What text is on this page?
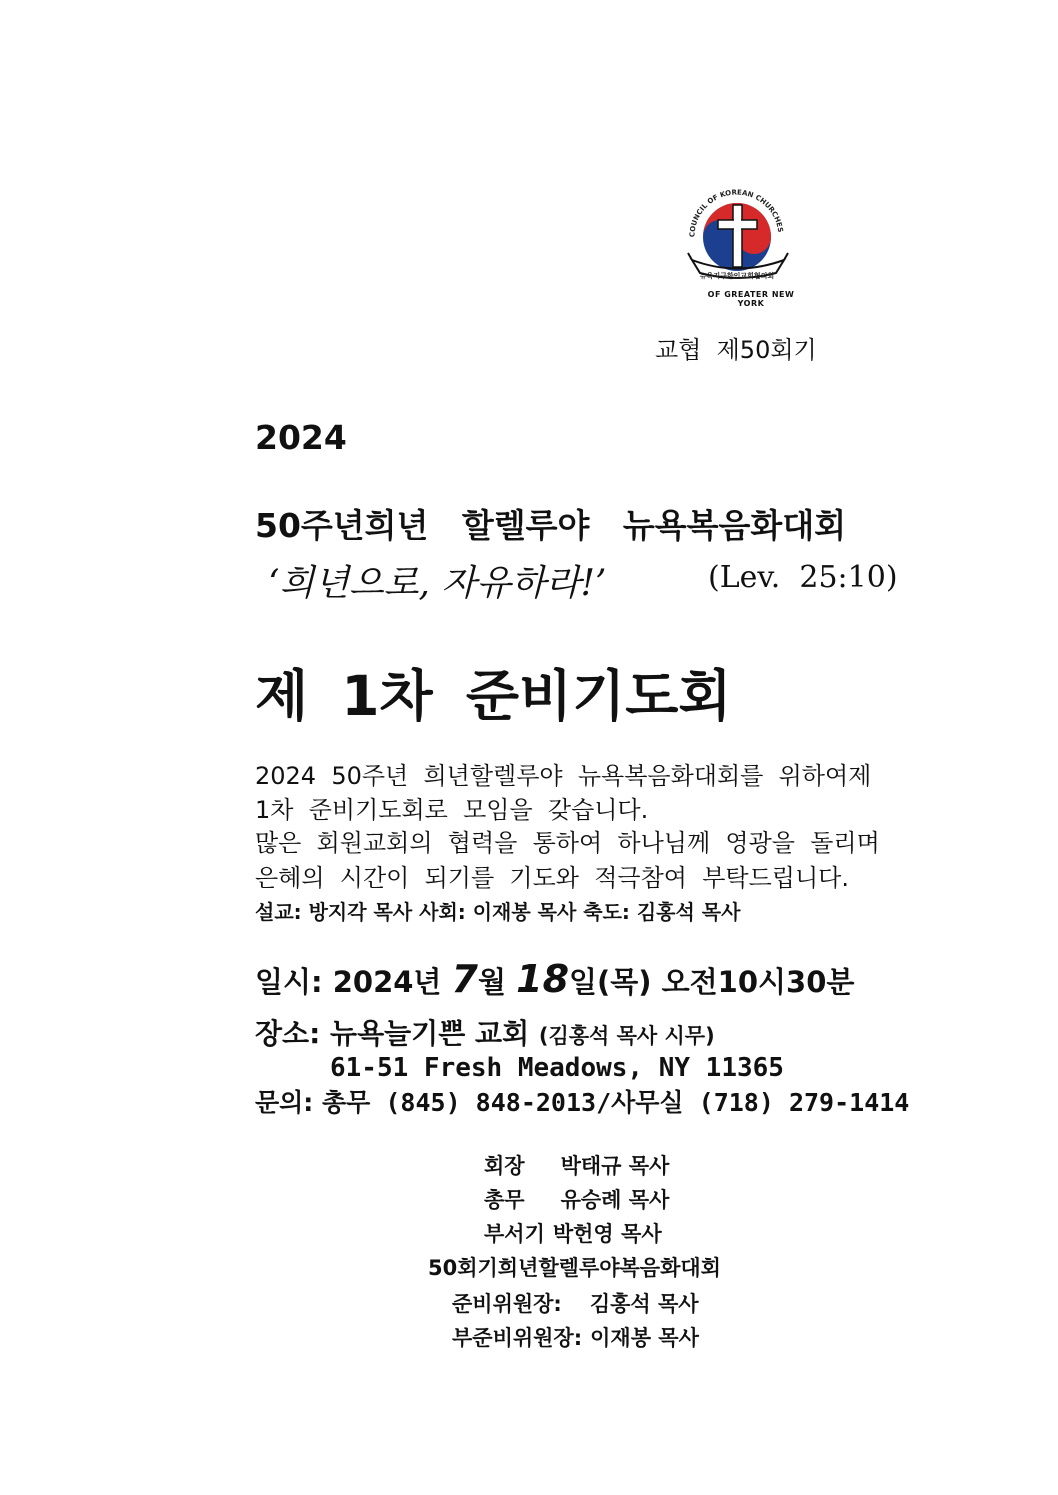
COUNCIL OF KOREAN CHURCHES
뉴욕지구한인교회협의회
OF GREATER NEW YORK
교협  제50회기
2024
50주년희년 할렐루야 뉴욕복음화대회
‘희년으로, 자유하라!’	(Lev.  25:10)
제 1차 준비기도회
2024  50주년  희년할렐루야  뉴욕복음화대회를  위하여제
1차  준비기도회로  모임을  갖습니다.
많은  회원교회의  협력을  통하여  하나님께  영광을  돌리며
은혜의  시간이  되기를  기도와  적극참여  부탁드립니다.
설교: 방지각 목사 사회: 이재봉 목사 축도: 김홍석 목사
일시: 2024년 7월 18일(목) 오전10시30분
장소: 뉴욕늘기쁜 교회 (김홍석 목사 시무)
61-51 Fresh Meadows, NY 11365
문의: 총무 (845) 848-2013/사무실 (718) 279-1414
회장 박태규 목사
총무 유승례 목사
부서기 박헌영 목사
50회기희년할렐루야복음화대회
준비위원장: 김홍석 목사
부준비위원장: 이재봉 목사
